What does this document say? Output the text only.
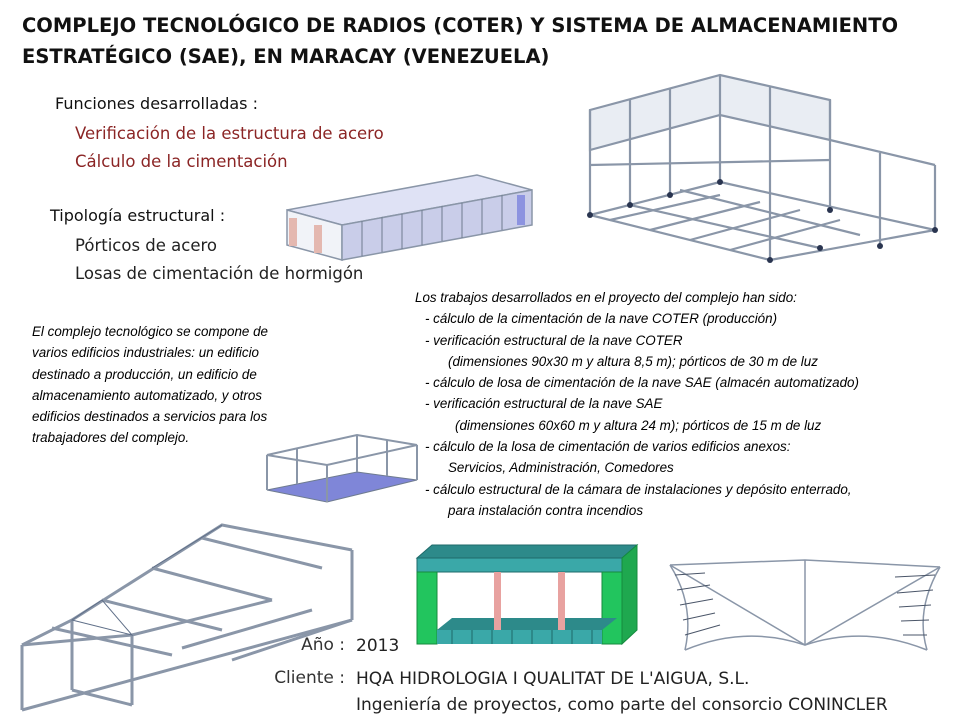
COMPLEJO TECNOLÓGICO DE RADIOS (COTER) Y SISTEMA DE ALMACENAMIENTO
ESTRATÉGICO (SAE), EN MARACAY (VENEZUELA)
Funciones desarrolladas :
Verificación de la estructura de acero
Cálculo de la cimentación
Tipología estructural :
Pórticos de acero
Losas de cimentación de hormigón
El complejo tecnológico se compone de
varios edificios industriales: un edificio
destinado a producción, un edificio de
almacenamiento automatizado, y otros
edificios destinados a servicios para los
trabajadores del complejo.
Los trabajos desarrollados en el proyecto del complejo han sido:
- cálculo de la cimentación de la nave COTER (producción)
- verificación estructural de la nave COTER
(dimensiones 90x30 m y altura 8,5 m); pórticos de 30 m de luz
- cálculo de losa de cimentación de la nave SAE (almacén automatizado)
- verificación estructural de la nave SAE
(dimensiones 60x60 m y altura 24 m); pórticos de 15 m de luz
- cálculo de la losa de cimentación de varios edificios anexos:
Servicios, Administración, Comedores
- cálculo estructural de la cámara de instalaciones y depósito enterrado,
para instalación contra incendios
Año : 2013
Cliente : HQA HIDROLOGIA I QUALITAT DE L'AIGUA, S.L.
Ingeniería de proyectos, como parte del consorcio CONINCLER
